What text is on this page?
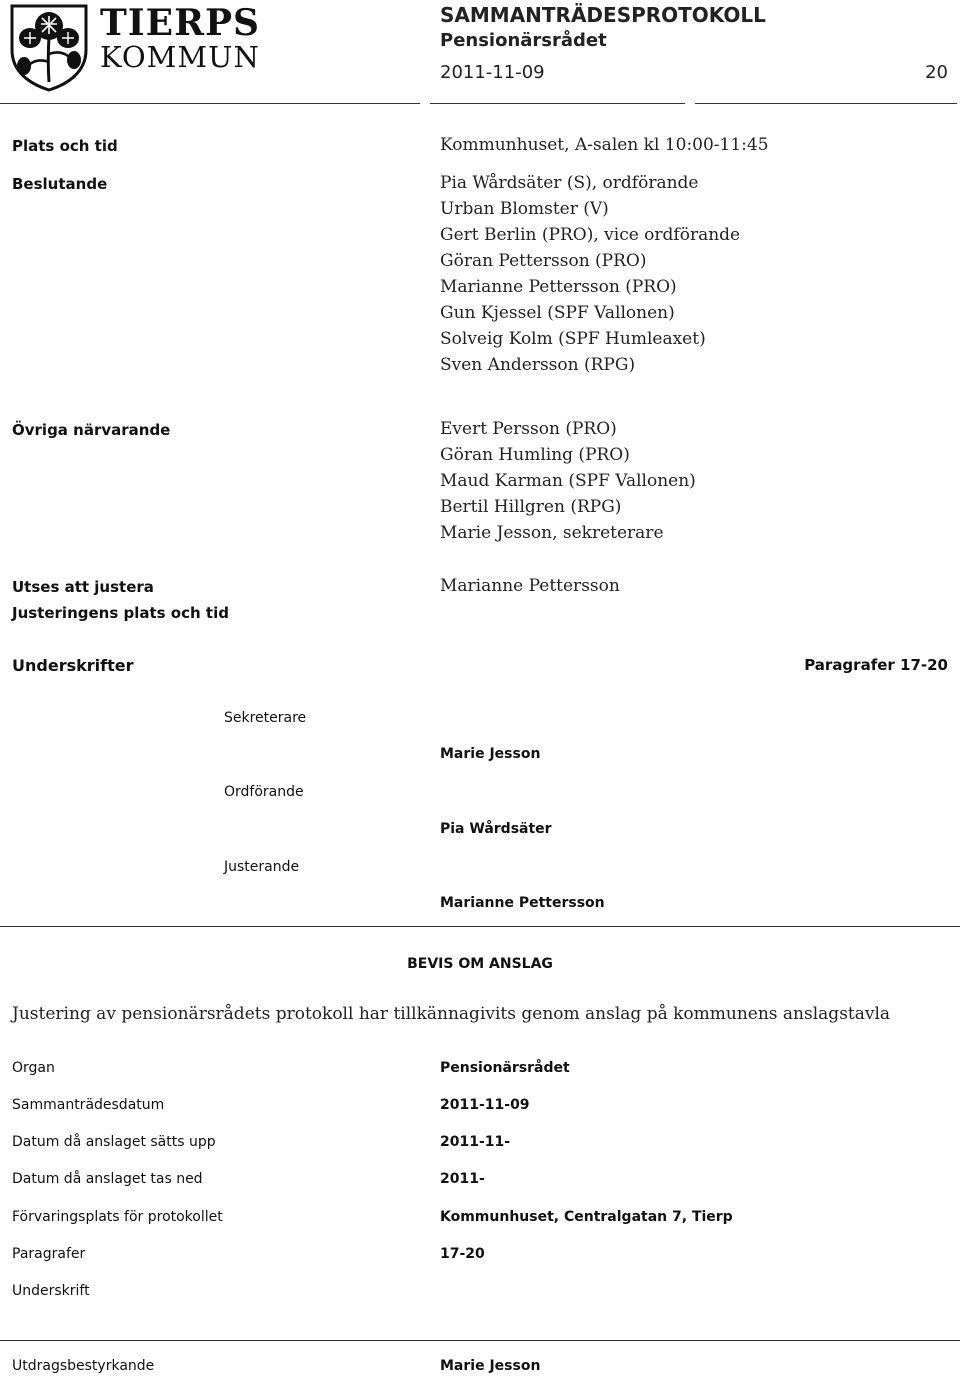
TIERPS
KOMMUN
SAMMANTRÄDESPROTOKOLL
Pensionärsrådet
2011-11-09	20
Plats och tid	Kommunhuset, A-salen kl 10:00-11:45
Beslutande	Pia Wårdsäter (S), ordförande
Urban Blomster (V)
Gert Berlin (PRO), vice ordförande
Göran Pettersson (PRO)
Marianne Pettersson (PRO)
Gun Kjessel (SPF Vallonen)
Solveig Kolm (SPF Humleaxet)
Sven Andersson (RPG)
Övriga närvarande	Evert Persson (PRO)
Göran Humling (PRO)
Maud Karman (SPF Vallonen)
Bertil Hillgren (RPG)
Marie Jesson, sekreterare
Utses att justera	Marianne Pettersson
Justeringens plats och tid
Underskrifter	Paragrafer 17-20
Sekreterare
Marie Jesson
Ordförande
Pia Wårdsäter
Justerande
Marianne Pettersson
BEVIS OM ANSLAG
Justering av pensionärsrådets protokoll har tillkännagivits genom anslag på kommunens anslagstavla
Organ	Pensionärsrådet
Sammanträdesdatum	2011-11-09
Datum då anslaget sätts upp	2011-11-
Datum då anslaget tas ned	2011-
Förvaringsplats för protokollet	Kommunhuset, Centralgatan 7, Tierp
Paragrafer	17-20
Underskrift
Utdragsbestyrkande	Marie Jesson
